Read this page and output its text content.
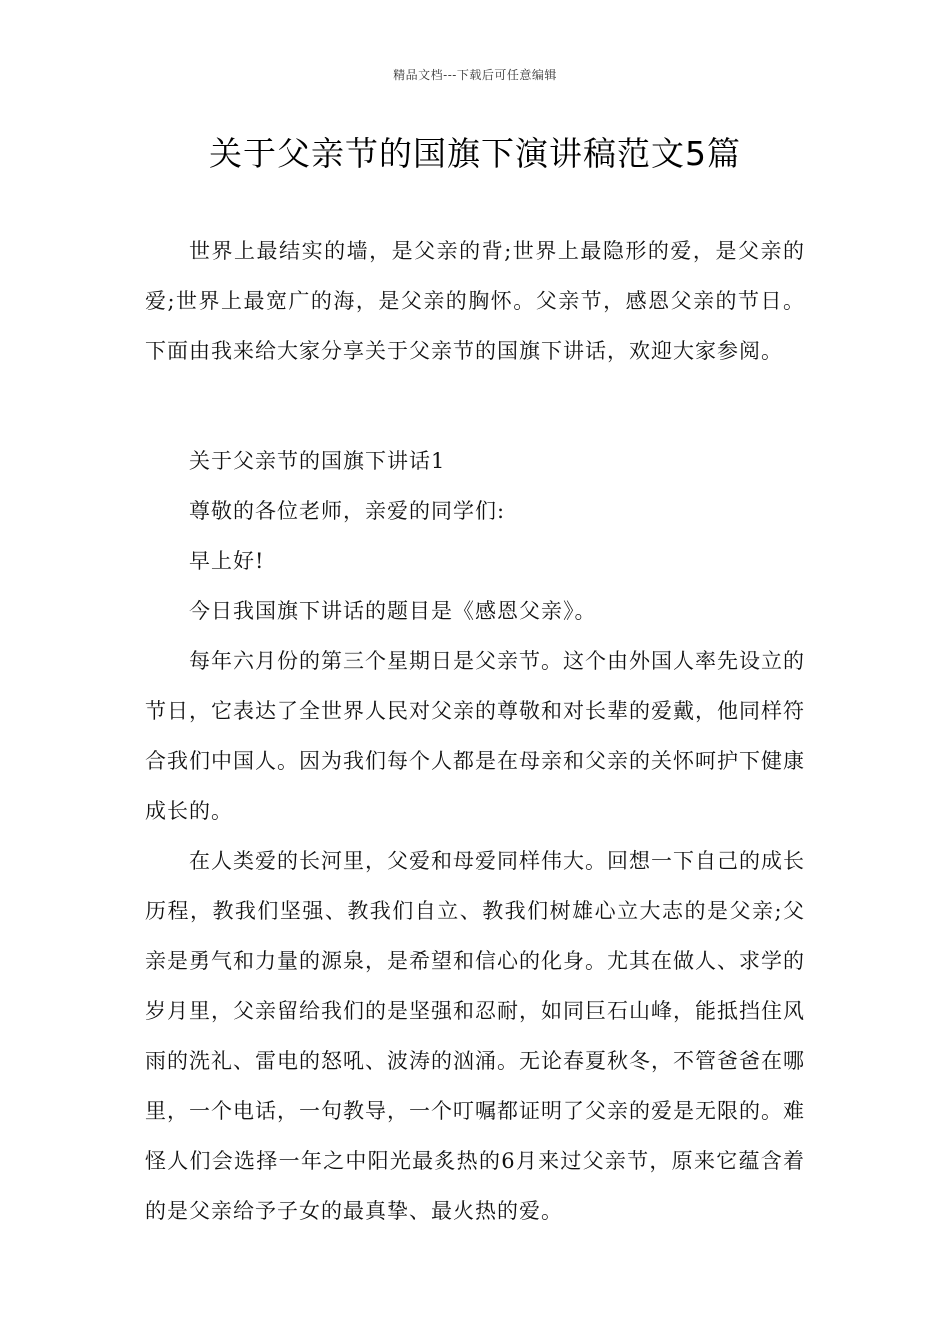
精品文档---下载后可任意编辑
关于父亲节的国旗下演讲稿范文5篇

世界上最结实的墙，是父亲的背;世界上最隐形的爱，是父亲的爱;世界上最宽广的海，是父亲的胸怀。父亲节，感恩父亲的节日。下面由我来给大家分享关于父亲节的国旗下讲话，欢迎大家参阅。

关于父亲节的国旗下讲话1

尊敬的各位老师，亲爱的同学们:

早上好!

今日我国旗下讲话的题目是《感恩父亲》。

每年六月份的第三个星期日是父亲节。这个由外国人率先设立的节日，它表达了全世界人民对父亲的尊敬和对长辈的爱戴，他同样符合我们中国人。因为我们每个人都是在母亲和父亲的关怀呵护下健康成长的。

在人类爱的长河里，父爱和母爱同样伟大。回想一下自己的成长历程，教我们坚强、教我们自立、教我们树雄心立大志的是父亲;父亲是勇气和力量的源泉，是希望和信心的化身。尤其在做人、求学的岁月里，父亲留给我们的是坚强和忍耐，如同巨石山峰，能抵挡住风雨的洗礼、雷电的怒吼、波涛的汹涌。无论春夏秋冬，不管爸爸在哪里，一个电话，一句教导，一个叮嘱都证明了父亲的爱是无限的。难怪人们会选择一年之中阳光最炙热的6月来过父亲节，原来它蕴含着的是父亲给予子女的最真挚、最火热的爱。
